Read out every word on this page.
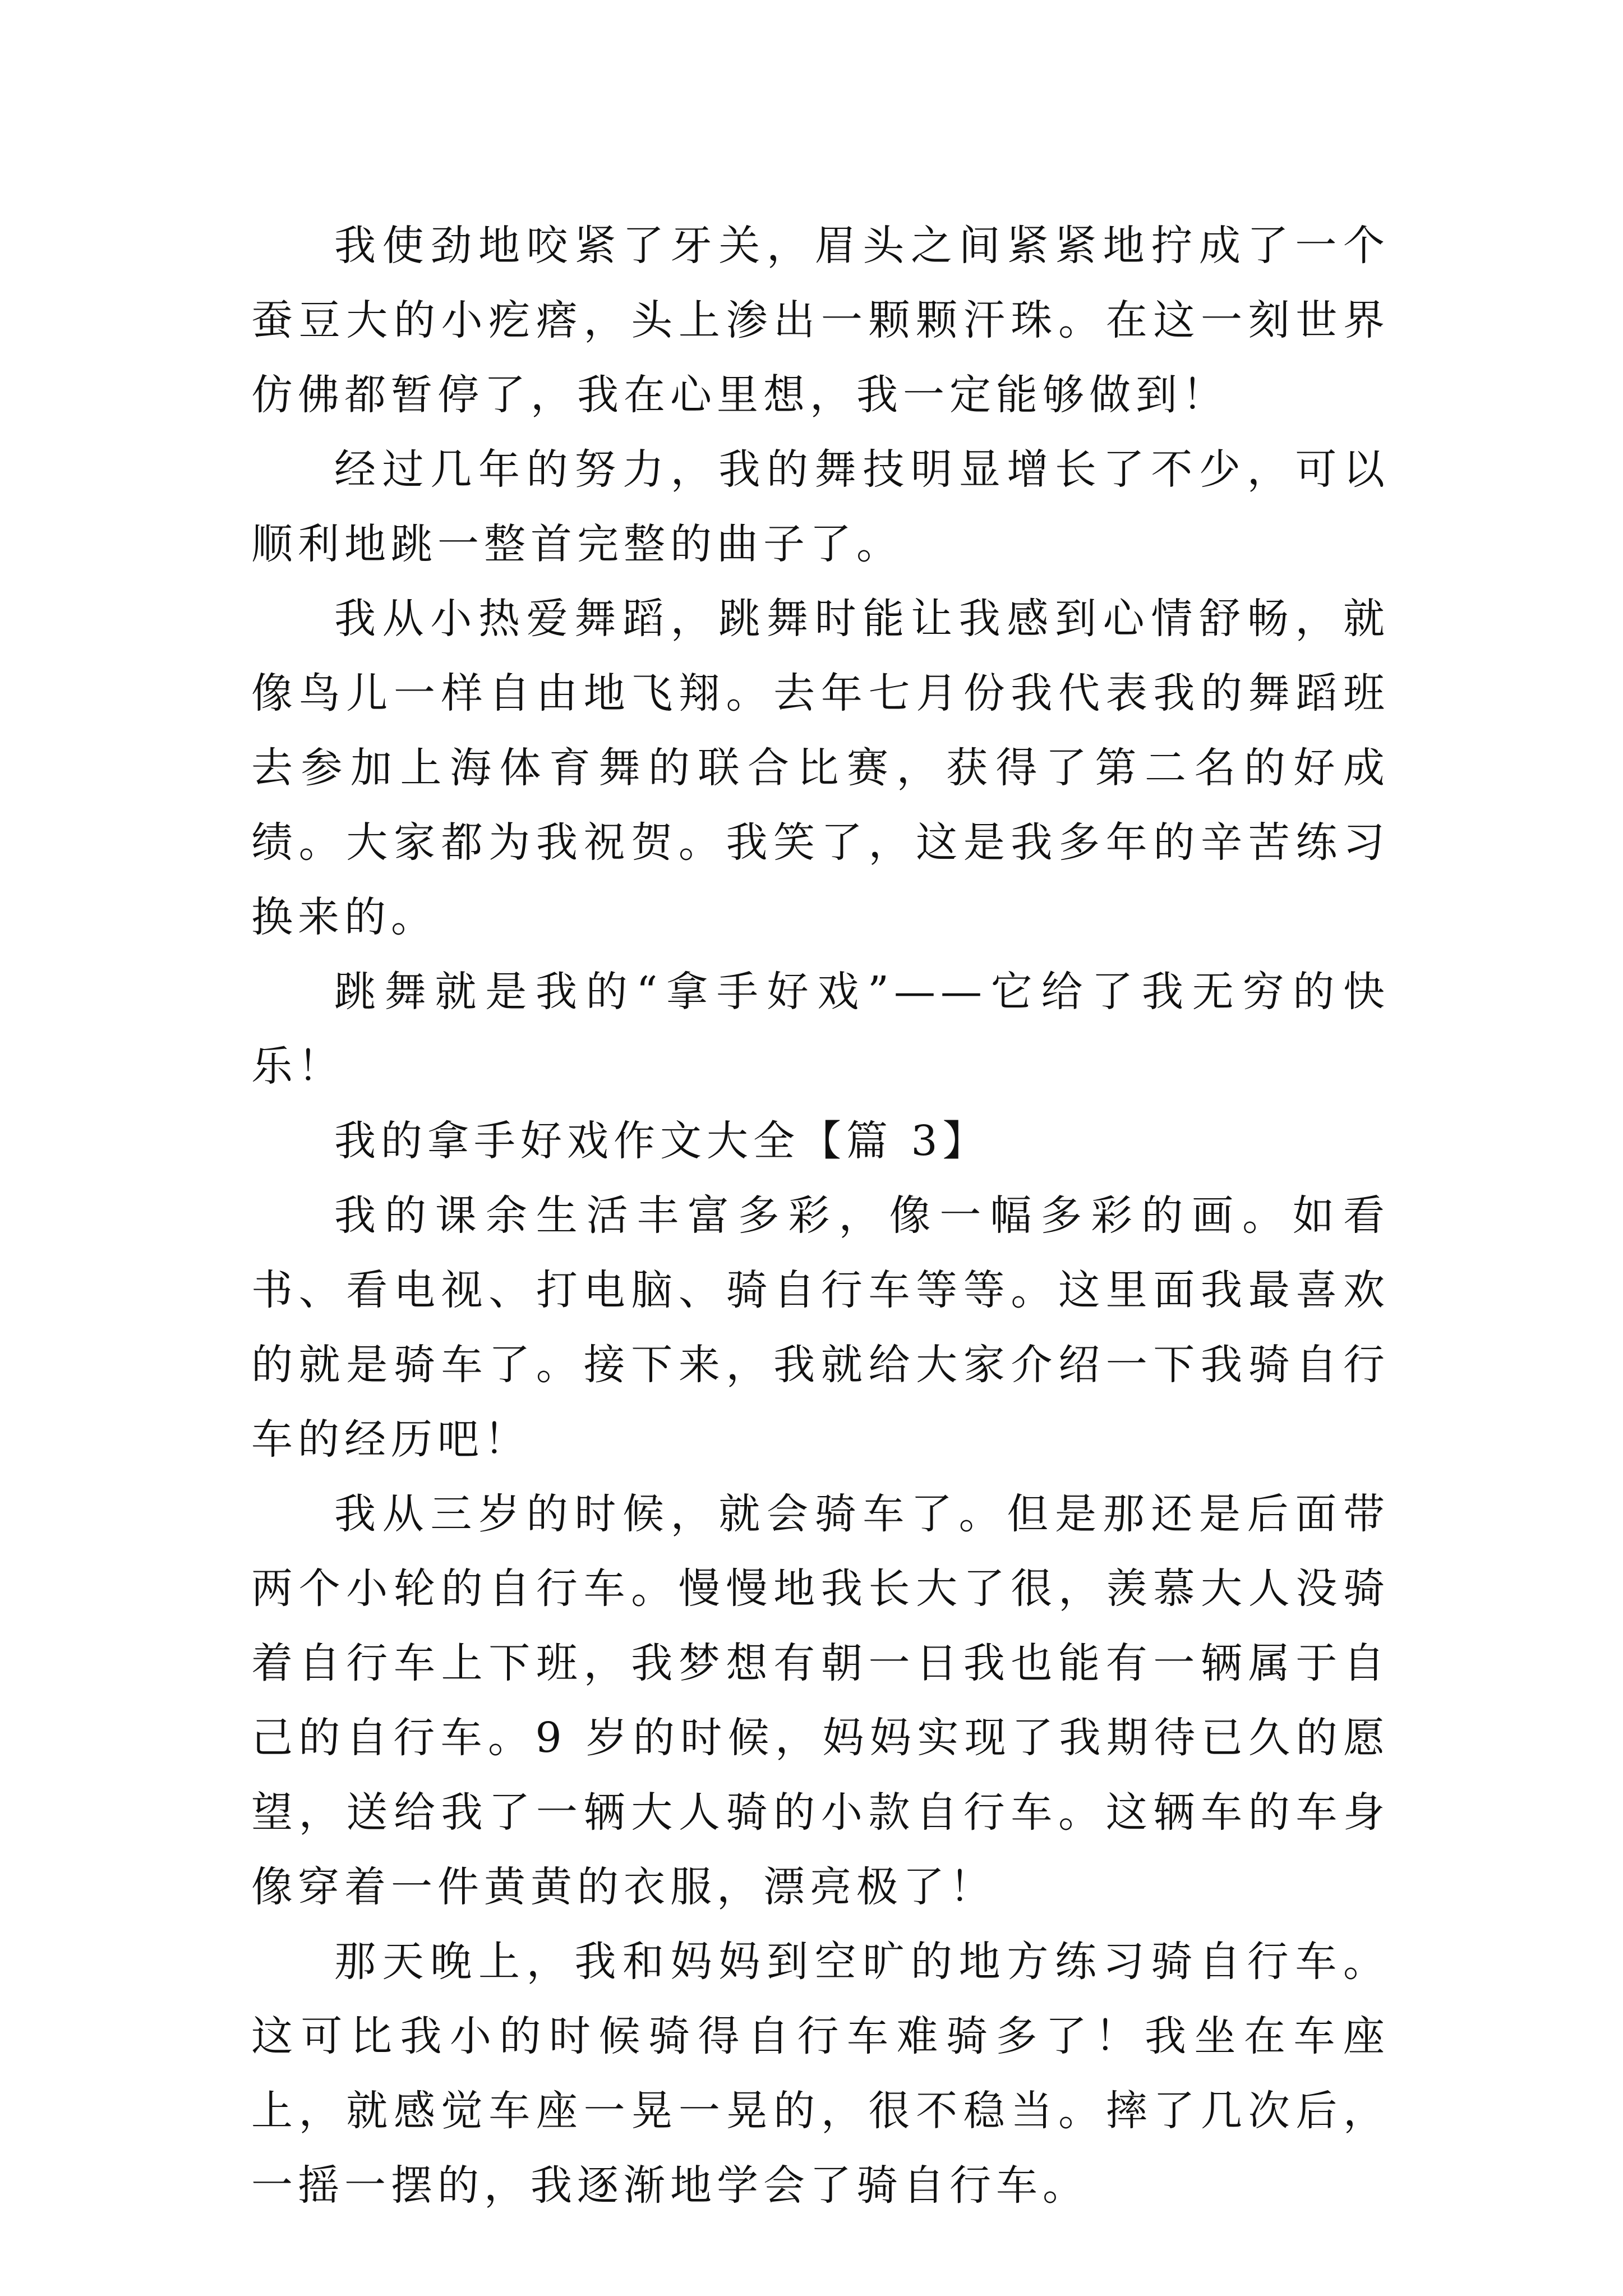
我使劲地咬紧了牙关，眉头之间紧紧地拧成了一个蚕豆大的小疙瘩，头上渗出一颗颗汗珠。在这一刻世界仿佛都暂停了，我在心里想，我一定能够做到！

经过几年的努力，我的舞技明显增长了不少，可以顺利地跳一整首完整的曲子了。

我从小热爱舞蹈，跳舞时能让我感到心情舒畅，就像鸟儿一样自由地飞翔。去年七月份我代表我的舞蹈班去参加上海体育舞的联合比赛，获得了第二名的好成绩。大家都为我祝贺。我笑了，这是我多年的辛苦练习换来的。

跳舞就是我的“拿手好戏”——它给了我无穷的快乐！

我的拿手好戏作文大全【篇 3】

我的课余生活丰富多彩，像一幅多彩的画。如看书、看电视、打电脑、骑自行车等等。这里面我最喜欢的就是骑车了。接下来，我就给大家介绍一下我骑自行车的经历吧！

我从三岁的时候，就会骑车了。但是那还是后面带两个小轮的自行车。慢慢地我长大了很，羡慕大人没骑着自行车上下班，我梦想有朝一日我也能有一辆属于自己的自行车。9 岁的时候，妈妈实现了我期待已久的愿望，送给我了一辆大人骑的小款自行车。这辆车的车身像穿着一件黄黄的衣服，漂亮极了！

那天晚上，我和妈妈到空旷的地方练习骑自行车。这可比我小的时候骑得自行车难骑多了！我坐在车座上，就感觉车座一晃一晃的，很不稳当。摔了几次后，一摇一摆的，我逐渐地学会了骑自行车。
